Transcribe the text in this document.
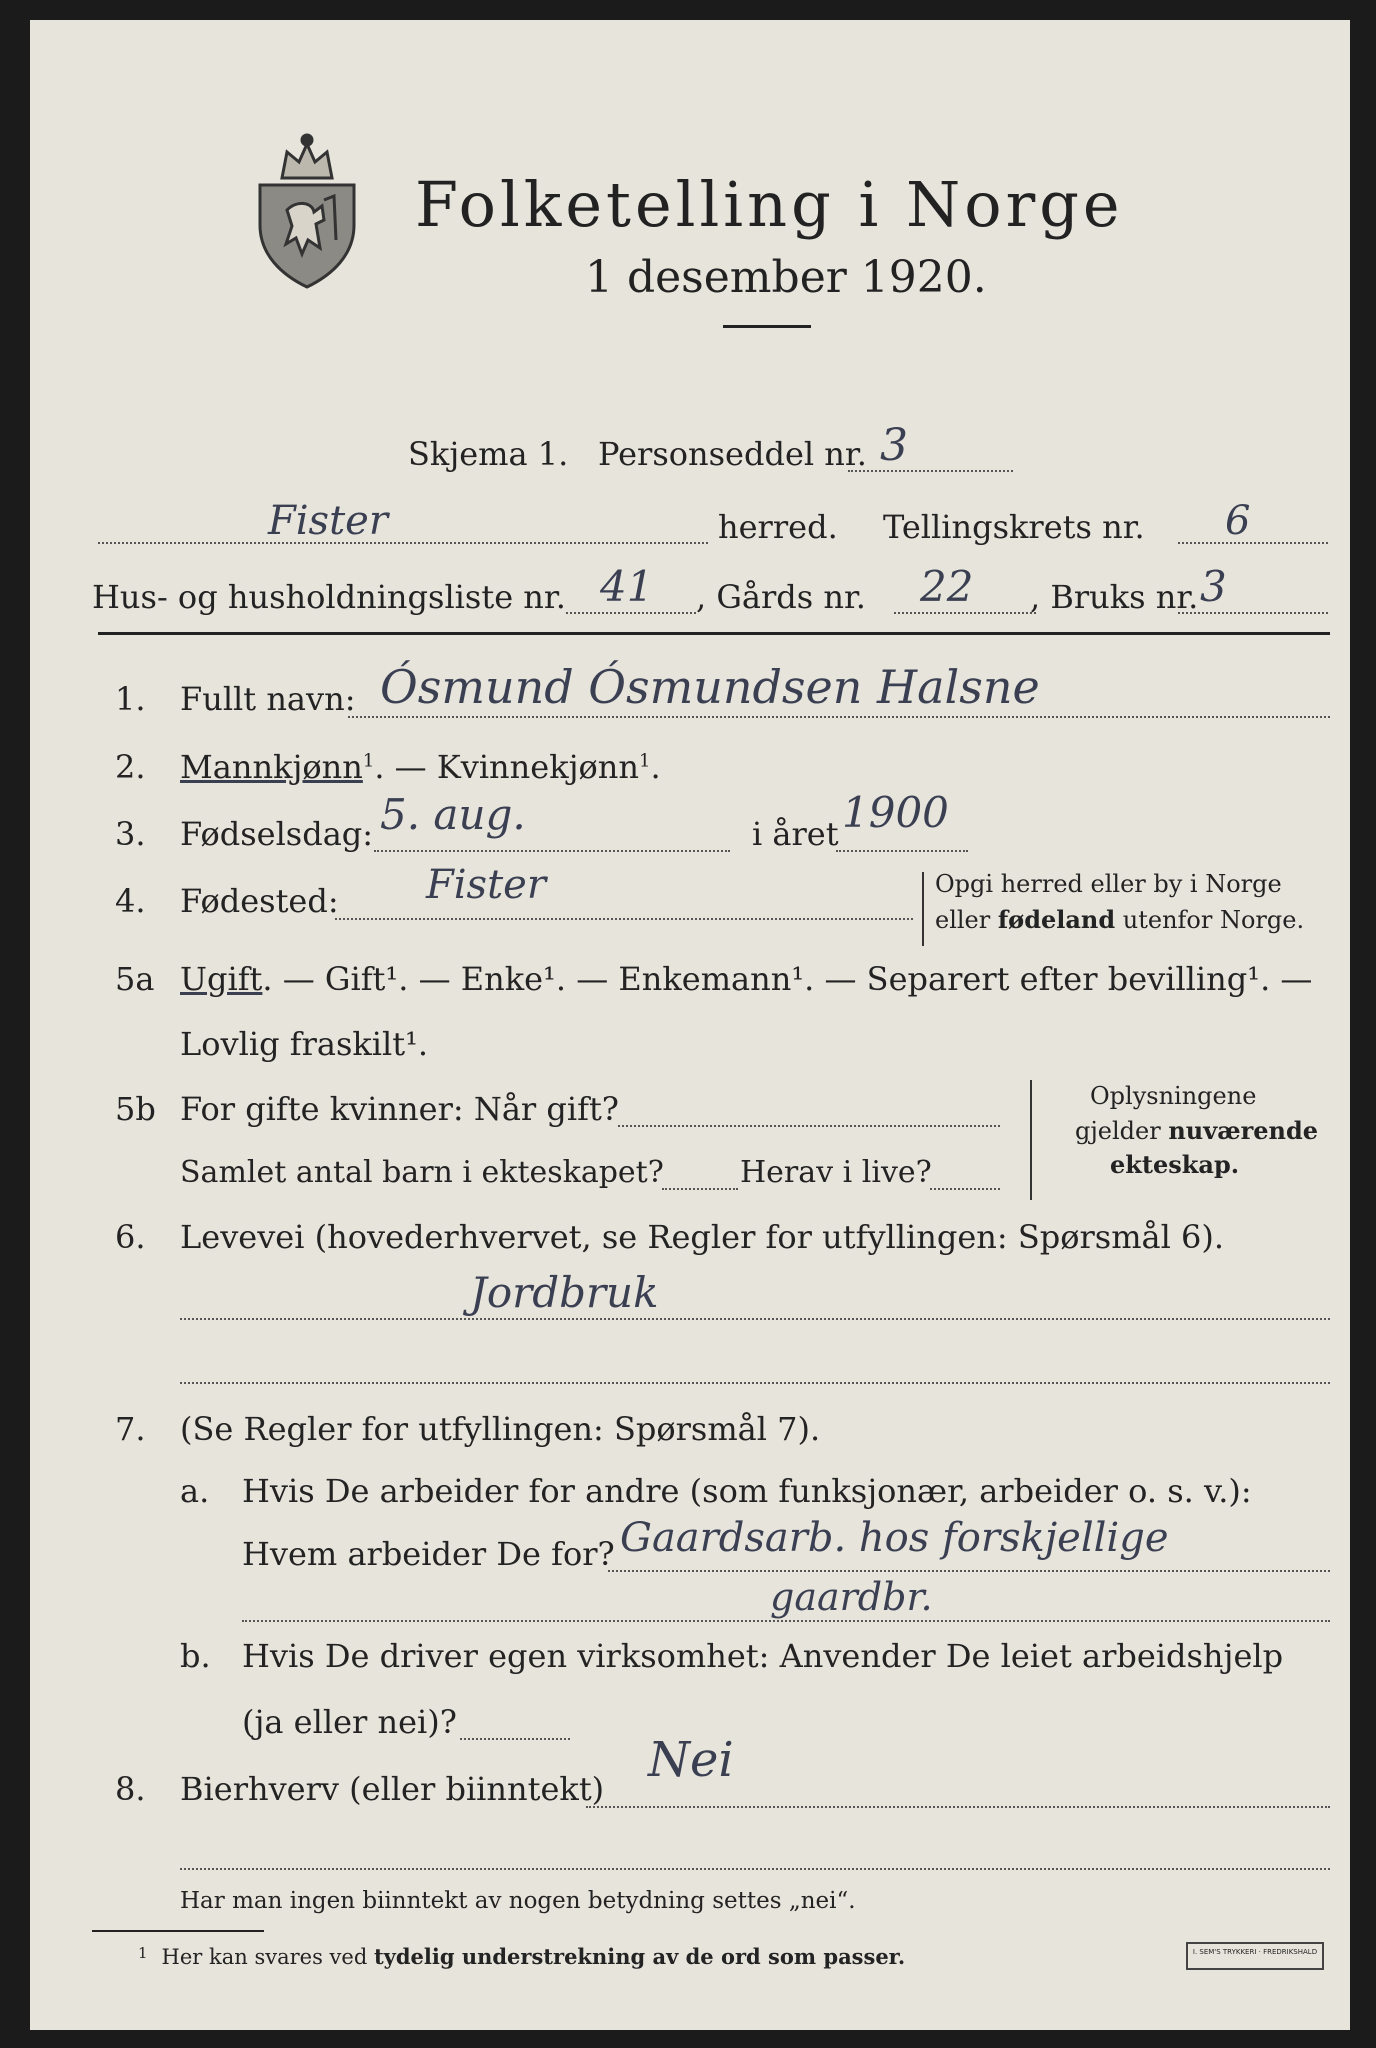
Folketelling i Norge
1 desember 1920.
Skjema 1. Personseddel nr. 3
Fister	herred. Tellingskrets nr. 6
Hus- og husholdningsliste nr. 41 , Gårds nr. 22 , Bruks nr. 3
1. Fullt navn: Ósmund Ósmundsen Halsne
2. Mannkjønn$^1$. — Kvinnekjønn$^1$.
3. Fødselsdag: 5. aug.	i året 1900
4. Fødested: Fister	Opgi herred eller by i Norge
eller fødeland utenfor Norge.
5a Ugift. — Gift¹. — Enke¹. — Enkemann¹. — Separert efter bevilling¹. —
Lovlig fraskilt¹.
5b For gifte kvinner: Når gift?
Samlet antal barn i ekteskapet?	Herav i live?
Oplysningene
gjelder nuværende
ekteskap.
6. Levevei (hovederhvervet, se Regler for utfyllingen: Spørsmål 6).
Jordbruk
7. (Se Regler for utfyllingen: Spørsmål 7).
a. Hvis De arbeider for andre (som funksjonær, arbeider o. s. v.):
Hvem arbeider De for? Gaardsarb. hos forskjellige
gaardbr.
b. Hvis De driver egen virksomhet: Anvender De leiet arbeidshjelp
(ja eller nei)?
8. Bierhverv (eller biinntekt)
Nei
Har man ingen biinntekt av nogen betydning settes „nei“.
$^1$ Her kan svares ved tydelig understrekning av de ord som passer.	I. SEM'S TRYKKERI · FREDRIKSHALD
